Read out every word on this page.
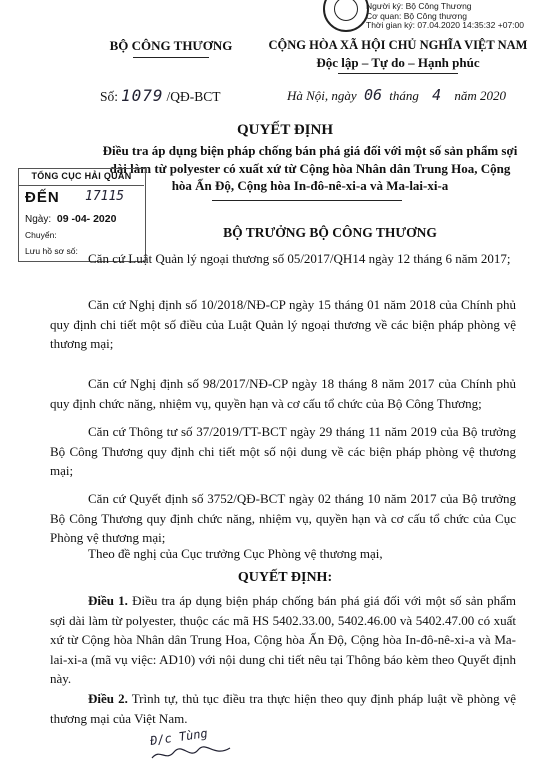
Người ký: Bộ Công Thương
Cơ quan: Bộ Công thương
Thời gian ký: 07.04.2020 14:35:32 +07:00
BỘ CÔNG THƯƠNG	CỘNG HÒA XÃ HỘI CHỦ NGHĨA VIỆT NAM
Độc lập – Tự do – Hạnh phúc
Số: 1079 /QĐ-BCT	Hà Nội, ngày 06 tháng 4 năm 2020
QUYẾT ĐỊNH
Điều tra áp dụng biện pháp chống bán phá giá đối với một số sản phẩm sợi dài làm từ polyester có xuất xứ từ Cộng hòa Nhân dân Trung Hoa, Cộng hòa Ấn Độ, Cộng hòa In-đô-nê-xi-a và Ma-lai-xi-a
TỔNG CỤC HẢI QUAN
ĐẾN 17115
Ngày: 09 -04- 2020
Chuyển:
Lưu hồ sơ số:
BỘ TRƯỞNG BỘ CÔNG THƯƠNG
Căn cứ Luật Quản lý ngoại thương số 05/2017/QH14 ngày 12 tháng 6 năm 2017;
Căn cứ Nghị định số 10/2018/NĐ-CP ngày 15 tháng 01 năm 2018 của Chính phủ quy định chi tiết một số điều của Luật Quản lý ngoại thương về các biện pháp phòng vệ thương mại;
Căn cứ Nghị định số 98/2017/NĐ-CP ngày 18 tháng 8 năm 2017 của Chính phủ quy định chức năng, nhiệm vụ, quyền hạn và cơ cấu tổ chức của Bộ Công Thương;
Căn cứ Thông tư số 37/2019/TT-BCT ngày 29 tháng 11 năm 2019 của Bộ trưởng Bộ Công Thương quy định chi tiết một số nội dung về các biện pháp phòng vệ thương mại;
Căn cứ Quyết định số 3752/QĐ-BCT ngày 02 tháng 10 năm 2017 của Bộ trưởng Bộ Công Thương quy định chức năng, nhiệm vụ, quyền hạn và cơ cấu tổ chức của Cục Phòng vệ thương mại;
Theo đề nghị của Cục trưởng Cục Phòng vệ thương mại,
QUYẾT ĐỊNH:
Điều 1. Điều tra áp dụng biện pháp chống bán phá giá đối với một số sản phẩm sợi dài làm từ polyester, thuộc các mã HS 5402.33.00, 5402.46.00 và 5402.47.00 có xuất xứ từ Cộng hòa Nhân dân Trung Hoa, Cộng hòa Ấn Độ, Cộng hòa In-đô-nê-xi-a và Ma-lai-xi-a (mã vụ việc: AD10) với nội dung chi tiết nêu tại Thông báo kèm theo Quyết định này.
Điều 2. Trình tự, thủ tục điều tra thực hiện theo quy định pháp luật về phòng vệ thương mại của Việt Nam.
Đ/c Tùng
